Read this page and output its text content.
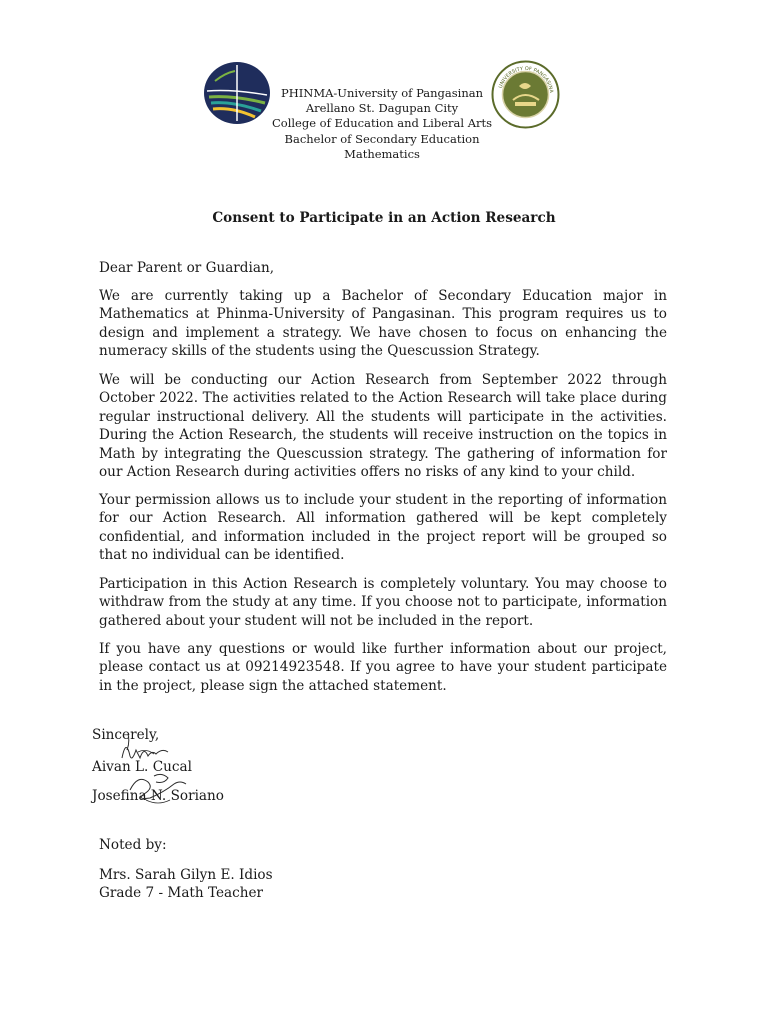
PHINMA-University of Pangasinan
Arellano St. Dagupan City
College of Education and Liberal Arts
Bachelor of Secondary Education
Mathematics
UNIVERSITY OF PANGASINA
Consent to Participate in an Action Research
Dear Parent or Guardian,

We are currently taking up a Bachelor of Secondary Education major in Mathematics at Phinma-University of Pangasinan. This program requires us to design and implement a strategy. We have chosen to focus on enhancing the numeracy skills of the students using the Quescussion Strategy.

We will be conducting our Action Research from September 2022 through October 2022. The activities related to the Action Research will take place during regular instructional delivery. All the students will participate in the activities. During the Action Research, the students will receive instruction on the topics in Math by integrating the Quescussion strategy. The gathering of information for our Action Research during activities offers no risks of any kind to your child.

Your permission allows us to include your student in the reporting of information for our Action Research. All information gathered will be kept completely confidential, and information included in the project report will be grouped so that no individual can be identified.

Participation in this Action Research is completely voluntary. You may choose to withdraw from the study at any time. If you choose not to participate, information gathered about your student will not be included in the report.

If you have any questions or would like further information about our project, please contact us at 09214923548. If you agree to have your student participate in the project, please sign the attached statement.

Sincerely,
Aivan L. Cucal
Josefina N. Soriano
Noted by:
Mrs. Sarah Gilyn E. Idios
Grade 7 - Math Teacher
